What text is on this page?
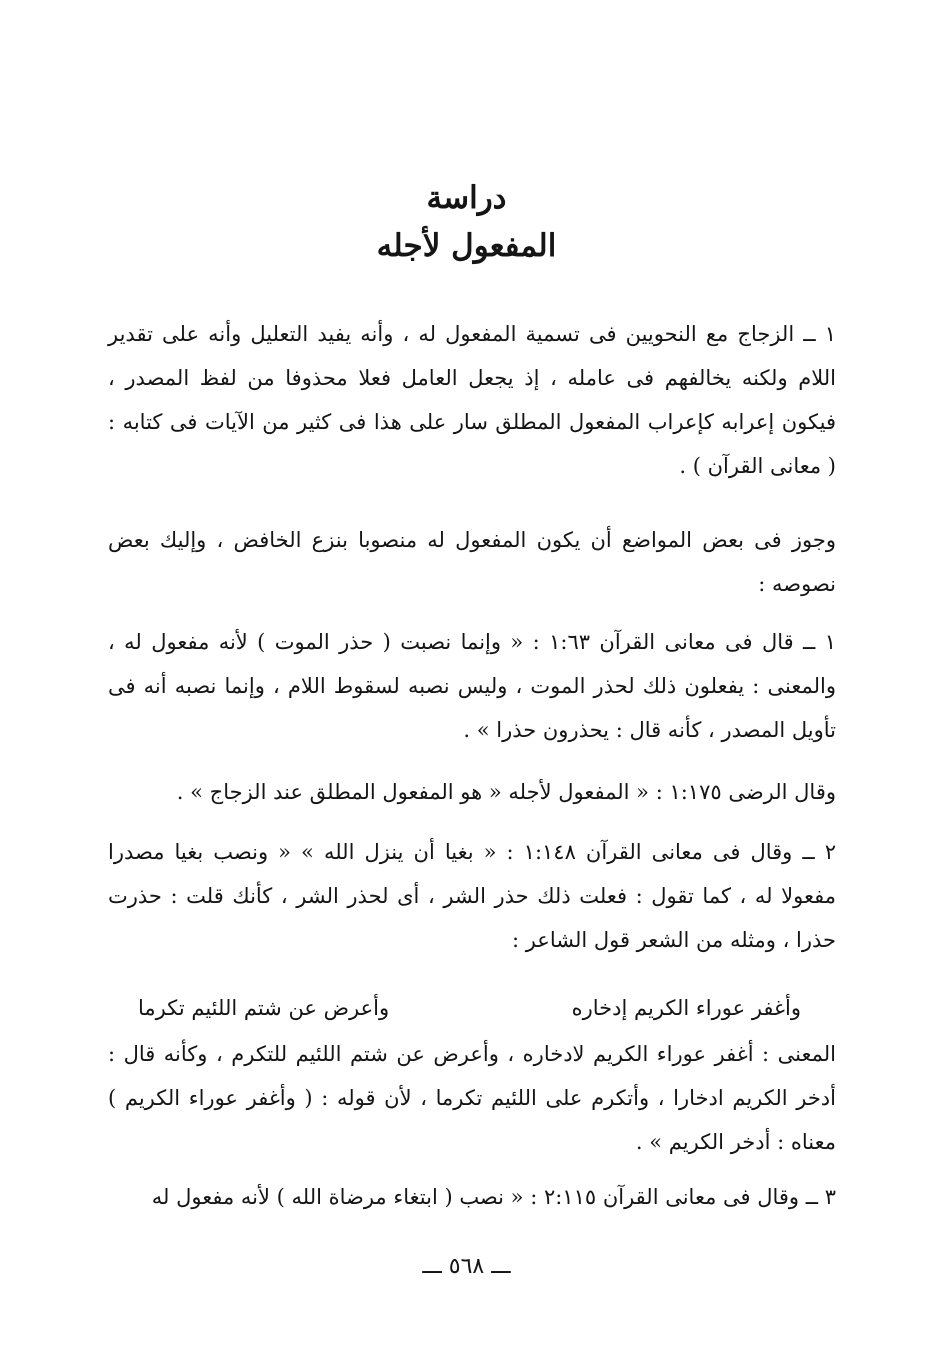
دراسة
المفعول لأجله

١ ــ الزجاج مع النحويين فى تسمية المفعول له ، وأنه يفيد التعليل وأنه على تقدير اللام ولكنه يخالفهم فى عامله ، إذ يجعل العامل فعلا محذوفا من لفظ المصدر ، فيكون إعرابه كإعراب المفعول المطلق سار على هذا فى كثير من الآيات فى كتابه : ( معانى القرآن ) .

وجوز فى بعض المواضع أن يكون المفعول له منصوبا بنزع الخافض ، وإليك بعض نصوصه :

١ ــ قال فى معانى القرآن ١:٦٣ : « وإنما نصبت ( حذر الموت ) لأنه مفعول له ، والمعنى : يفعلون ذلك لحذر الموت ، وليس نصبه لسقوط اللام ، وإنما نصبه أنه فى تأويل المصدر ، كأنه قال : يحذرون حذرا » .

وقال الرضى ١:١٧٥ : « المفعول لأجله « هو المفعول المطلق عند الزجاج » .

٢ ــ وقال فى معانى القرآن ١:١٤٨ : « بغيا أن ينزل الله » « ونصب بغيا مصدرا مفعولا له ، كما تقول : فعلت ذلك حذر الشر ، أى لحذر الشر ، كأنك قلت : حذرت حذرا ، ومثله من الشعر قول الشاعر :

وأغفر عوراء الكريم إدخاره
وأعرض عن شتم اللئيم تكرما

المعنى : أغفر عوراء الكريم لادخاره ، وأعرض عن شتم اللئيم للتكرم ، وكأنه قال : أدخر الكريم ادخارا ، وأتكرم على اللئيم تكرما ، لأن قوله : ( وأغفر عوراء الكريم ) معناه : أدخر الكريم » .

٣ ــ وقال فى معانى القرآن ٢:١١٥ : « نصب ( ابتغاء مرضاة الله ) لأنه مفعول له

ـــ ٥٦٨ ـــ
